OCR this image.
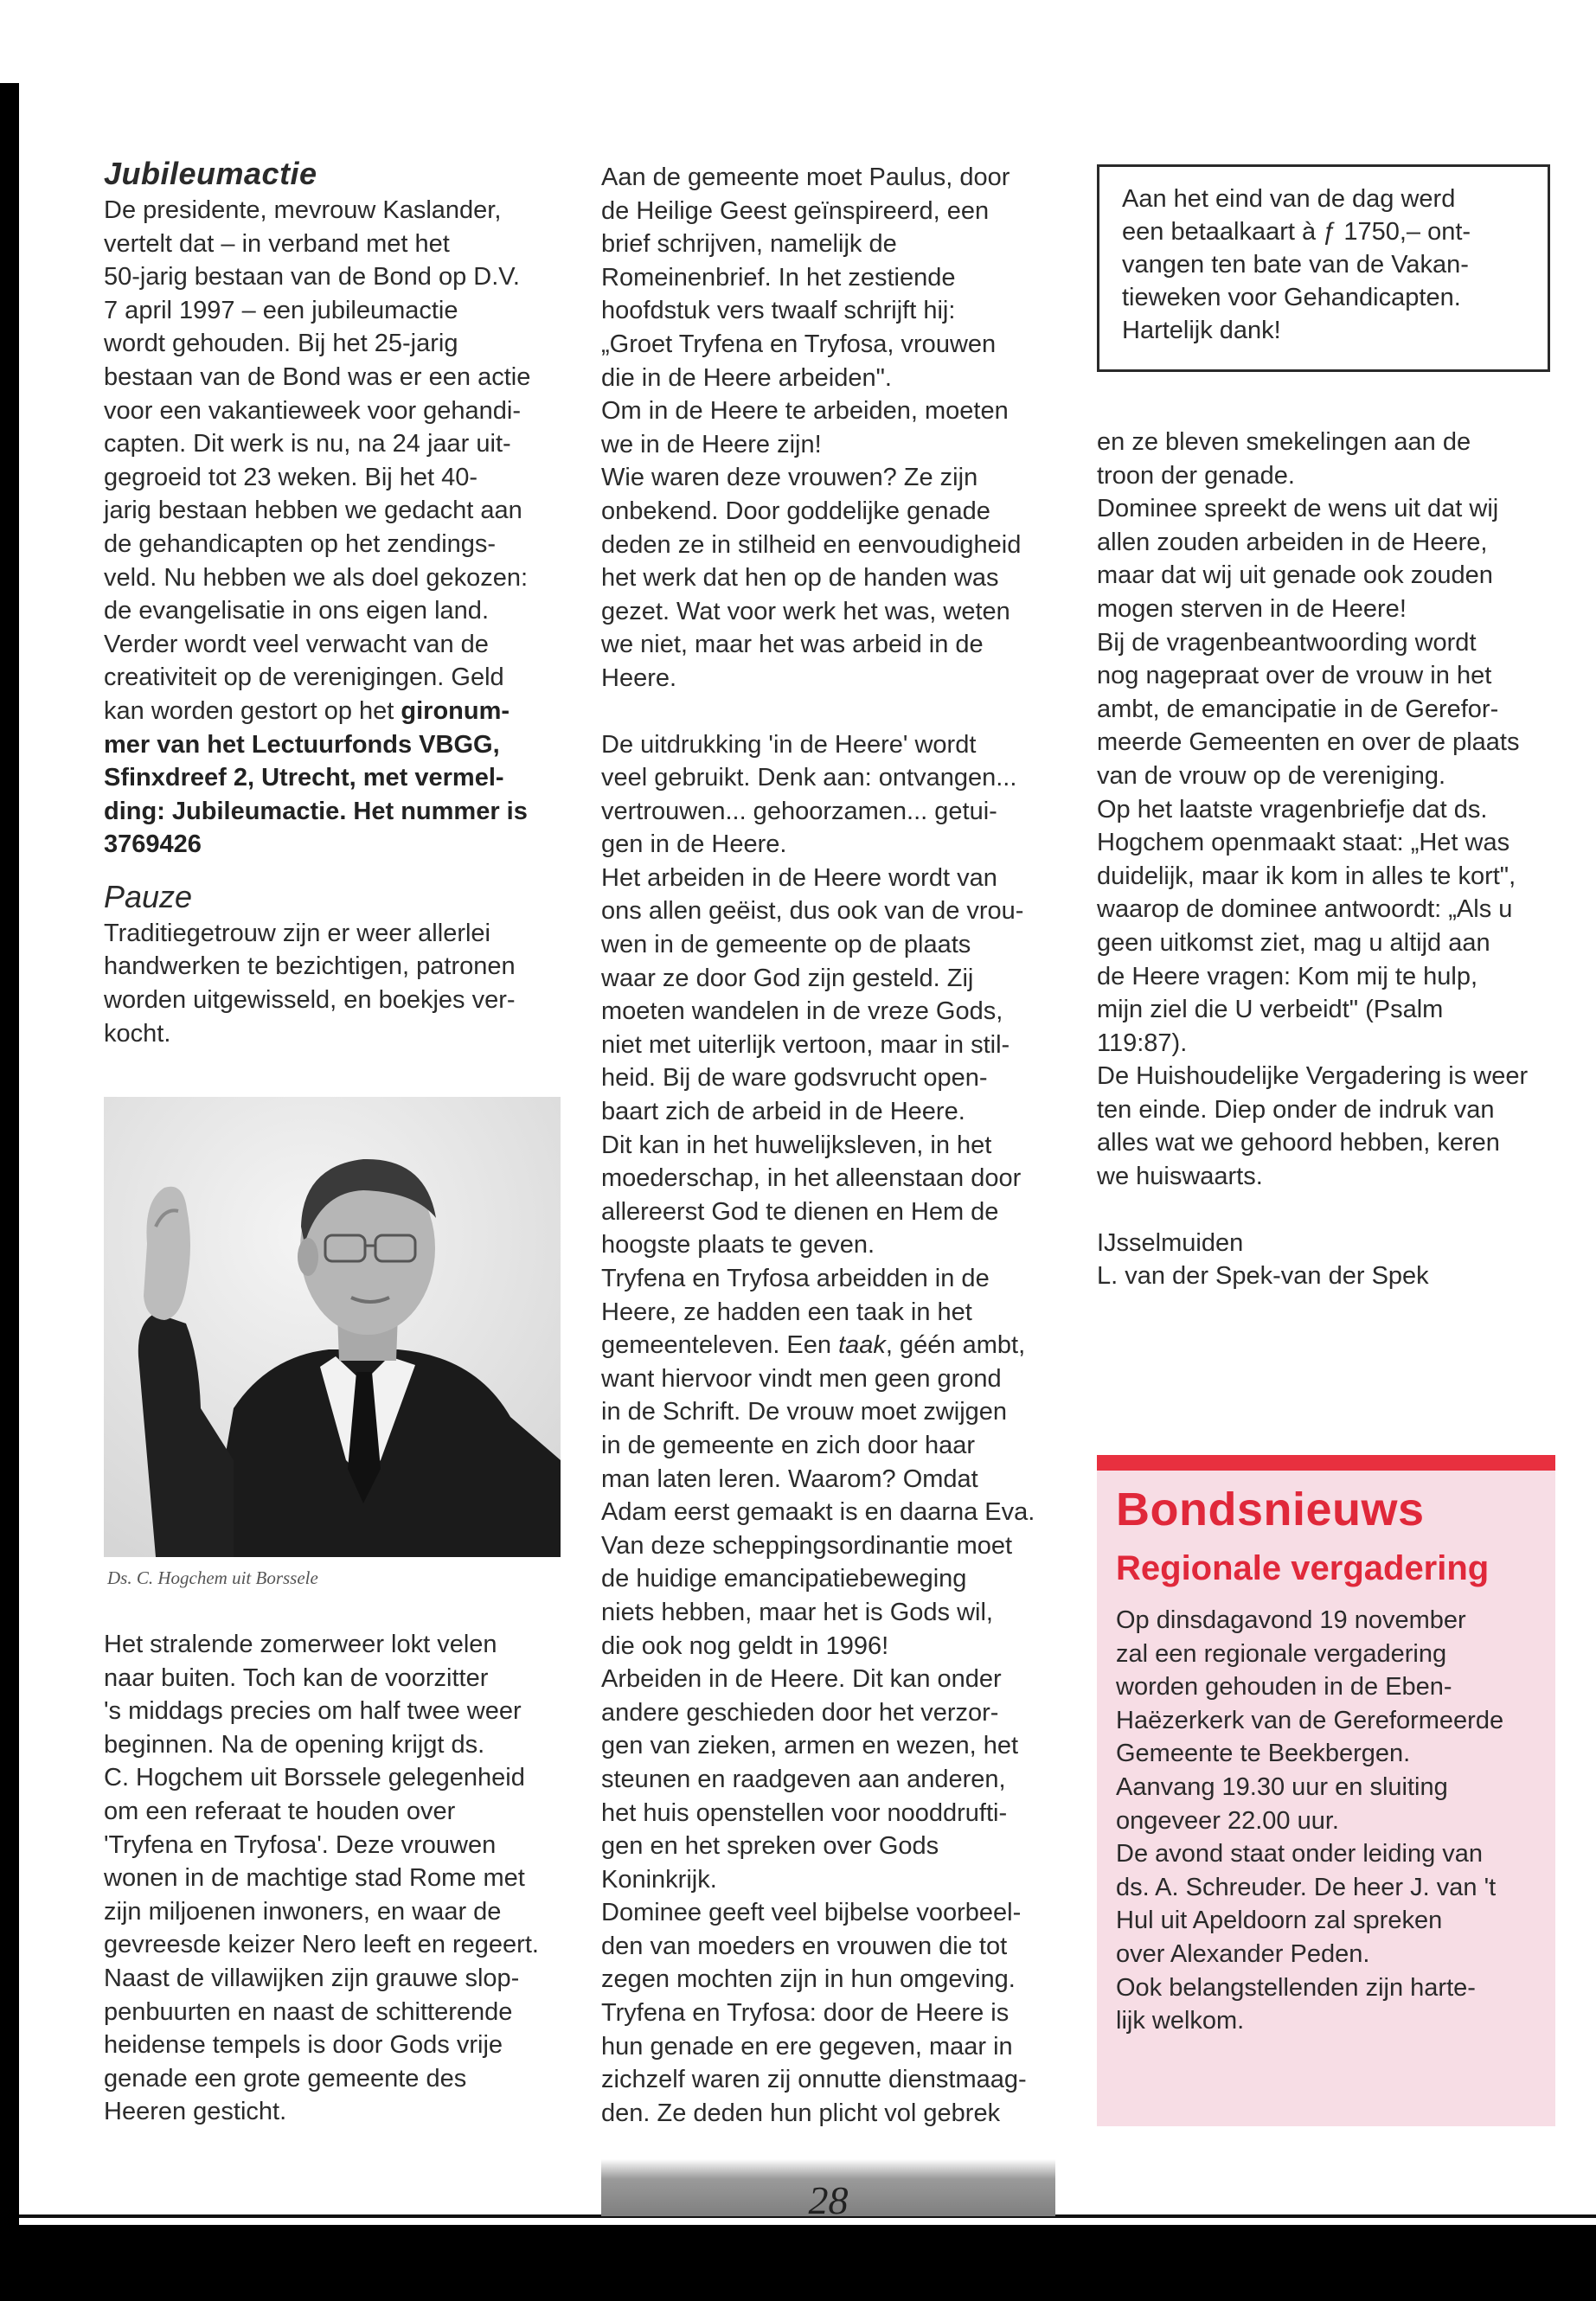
Jubileumactie
De presidente, mevrouw Kaslander,
vertelt dat – in verband met het
50-jarig bestaan van de Bond op D.V.
7 april 1997 – een jubileumactie
wordt gehouden. Bij het 25-jarig
bestaan van de Bond was er een actie
voor een vakantieweek voor gehandi-
capten. Dit werk is nu, na 24 jaar uit-
gegroeid tot 23 weken. Bij het 40-
jarig bestaan hebben we gedacht aan
de gehandicapten op het zendings-
veld. Nu hebben we als doel gekozen:
de evangelisatie in ons eigen land.
Verder wordt veel verwacht van de
creativiteit op de verenigingen. Geld
kan worden gestort op het gironum-
mer van het Lectuurfonds VBGG,
Sfinxdreef 2, Utrecht, met vermel-
ding: Jubileumactie. Het nummer is
3769426
Pauze
Traditiegetrouw zijn er weer allerlei
handwerken te bezichtigen, patronen
worden uitgewisseld, en boekjes ver-
kocht.
Ds. C. Hogchem uit Borssele
Het stralende zomerweer lokt velen
naar buiten. Toch kan de voorzitter
's middags precies om half twee weer
beginnen. Na de opening krijgt ds.
C. Hogchem uit Borssele gelegenheid
om een referaat te houden over
'Tryfena en Tryfosa'. Deze vrouwen
wonen in de machtige stad Rome met
zijn miljoenen inwoners, en waar de
gevreesde keizer Nero leeft en regeert.
Naast de villawijken zijn grauwe slop-
penbuurten en naast de schitterende
heidense tempels is door Gods vrije
genade een grote gemeente des
Heeren gesticht.
Aan de gemeente moet Paulus, door
de Heilige Geest geïnspireerd, een
brief schrijven, namelijk de
Romeinenbrief. In het zestiende
hoofdstuk vers twaalf schrijft hij:
„Groet Tryfena en Tryfosa, vrouwen
die in de Heere arbeiden".
Om in de Heere te arbeiden, moeten
we in de Heere zijn!
Wie waren deze vrouwen? Ze zijn
onbekend. Door goddelijke genade
deden ze in stilheid en eenvoudigheid
het werk dat hen op de handen was
gezet. Wat voor werk het was, weten
we niet, maar het was arbeid in de
Heere.
De uitdrukking 'in de Heere' wordt
veel gebruikt. Denk aan: ontvangen...
vertrouwen... gehoorzamen... getui-
gen in de Heere.
Het arbeiden in de Heere wordt van
ons allen geëist, dus ook van de vrou-
wen in de gemeente op de plaats
waar ze door God zijn gesteld. Zij
moeten wandelen in de vreze Gods,
niet met uiterlijk vertoon, maar in stil-
heid. Bij de ware godsvrucht open-
baart zich de arbeid in de Heere.
Dit kan in het huwelijksleven, in het
moederschap, in het alleenstaan door
allereerst God te dienen en Hem de
hoogste plaats te geven.
Tryfena en Tryfosa arbeidden in de
Heere, ze hadden een taak in het
gemeenteleven. Een taak, géén ambt,
want hiervoor vindt men geen grond
in de Schrift. De vrouw moet zwijgen
in de gemeente en zich door haar
man laten leren. Waarom? Omdat
Adam eerst gemaakt is en daarna Eva.
Van deze scheppingsordinantie moet
de huidige emancipatiebeweging
niets hebben, maar het is Gods wil,
die ook nog geldt in 1996!
Arbeiden in de Heere. Dit kan onder
andere geschieden door het verzor-
gen van zieken, armen en wezen, het
steunen en raadgeven aan anderen,
het huis openstellen voor nooddrufti-
gen en het spreken over Gods
Koninkrijk.
Dominee geeft veel bijbelse voorbeel-
den van moeders en vrouwen die tot
zegen mochten zijn in hun omgeving.
Tryfena en Tryfosa: door de Heere is
hun genade en ere gegeven, maar in
zichzelf waren zij onnutte dienstmaag-
den. Ze deden hun plicht vol gebrek
Aan het eind van de dag werd
een betaalkaart à ƒ 1750,– ont-
vangen ten bate van de Vakan-
tieweken voor Gehandicapten.
Hartelijk dank!
en ze bleven smekelingen aan de
troon der genade.
Dominee spreekt de wens uit dat wij
allen zouden arbeiden in de Heere,
maar dat wij uit genade ook zouden
mogen sterven in de Heere!
Bij de vragenbeantwoording wordt
nog nagepraat over de vrouw in het
ambt, de emancipatie in de Gerefor-
meerde Gemeenten en over de plaats
van de vrouw op de vereniging.
Op het laatste vragenbriefje dat ds.
Hogchem openmaakt staat: „Het was
duidelijk, maar ik kom in alles te kort",
waarop de dominee antwoordt: „Als u
geen uitkomst ziet, mag u altijd aan
de Heere vragen: Kom mij te hulp,
mijn ziel die U verbeidt" (Psalm
119:87).
De Huishoudelijke Vergadering is weer
ten einde. Diep onder de indruk van
alles wat we gehoord hebben, keren
we huiswaarts.
IJsselmuiden
L. van der Spek-van der Spek
Bondsnieuws
Regionale vergadering
Op dinsdagavond 19 november
zal een regionale vergadering
worden gehouden in de Eben-
Haëzerkerk van de Gereformeerde
Gemeente te Beekbergen.
Aanvang 19.30 uur en sluiting
ongeveer 22.00 uur.
De avond staat onder leiding van
ds. A. Schreuder. De heer J. van 't
Hul uit Apeldoorn zal spreken
over Alexander Peden.
Ook belangstellenden zijn harte-
lijk welkom.
28
